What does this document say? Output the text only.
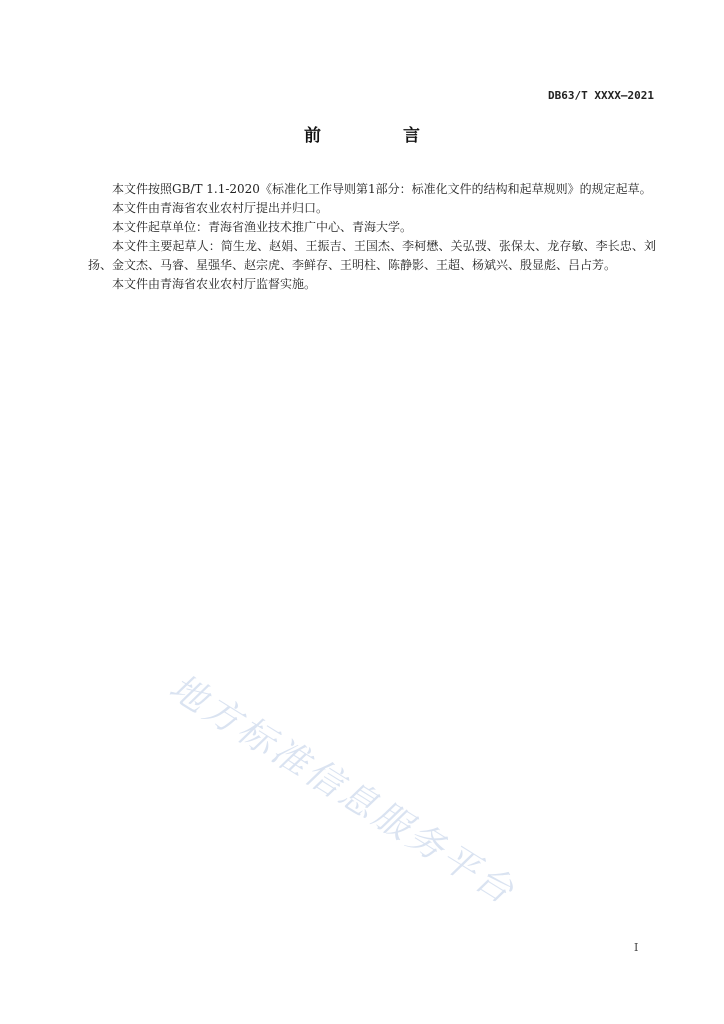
DB63/T XXXX—2021
前 言

本文件按照GB/T 1.1-2020《标准化工作导则第1部分：标准化文件的结构和起草规则》的规定起草。

本文件由青海省农业农村厅提出并归口。

本文件起草单位：青海省渔业技术推广中心、青海大学。

本文件主要起草人：简生龙、赵娟、王振吉、王国杰、李柯懋、关弘弢、张保太、龙存敏、李长忠、刘扬、金文杰、马睿、星强华、赵宗虎、李鲜存、王明柱、陈静影、王超、杨斌兴、殷显彪、吕占芳。

本文件由青海省农业农村厅监督实施。

地方标准信息服务平台
I
